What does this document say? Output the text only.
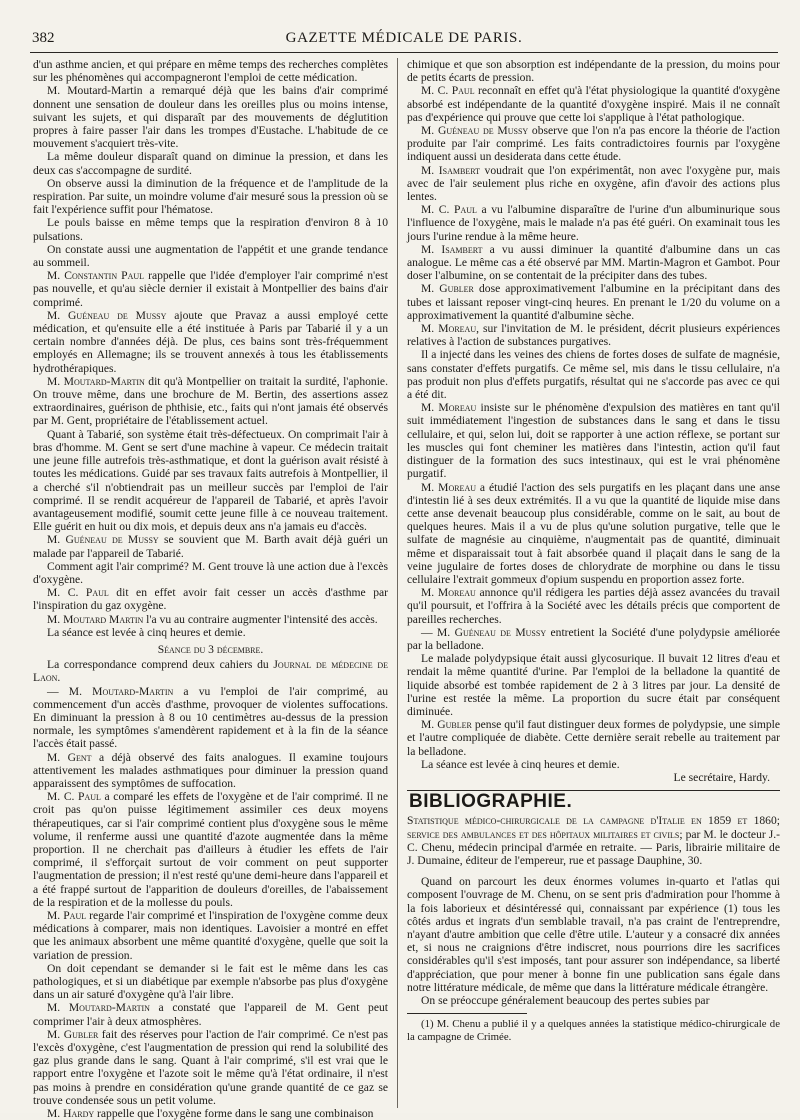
382	GAZETTE MÉDICALE DE PARIS.

d'un asthme ancien, et qui prépare en même temps des recherches complètes sur les phénomènes qui accompagneront l'emploi de cette médication.

M. Moutard-Martin a remarqué déjà que les bains d'air comprimé donnent une sensation de douleur dans les oreilles plus ou moins intense, suivant les sujets, et qui disparaît par des mouvements de déglutition propres à faire passer l'air dans les trompes d'Eustache. L'habitude de ce mouvement s'acquiert très-vite.

La même douleur disparaît quand on diminue la pression, et dans les deux cas s'accompagne de surdité.

On observe aussi la diminution de la fréquence et de l'amplitude de la respiration. Par suite, un moindre volume d'air mesuré sous la pression où se fait l'expérience suffit pour l'hématose.

Le pouls baisse en même temps que la respiration d'environ 8 à 10 pulsations.

On constate aussi une augmentation de l'appétit et une grande tendance au sommeil.

M. Constantin Paul rappelle que l'idée d'employer l'air comprimé n'est pas nouvelle, et qu'au siècle dernier il existait à Montpellier des bains d'air comprimé.

M. Guéneau de Mussy ajoute que Pravaz a aussi employé cette médication, et qu'ensuite elle a été instituée à Paris par Tabarié il y a un certain nombre d'années déjà. De plus, ces bains sont très-fréquemment employés en Allemagne; ils se trouvent annexés à tous les établissements hydrothérapiques.

M. Moutard-Martin dit qu'à Montpellier on traitait la surdité, l'aphonie. On trouve même, dans une brochure de M. Bertin, des assertions assez extraordinaires, guérison de phthisie, etc., faits qui n'ont jamais été observés par M. Gent, propriétaire de l'établissement actuel.

Quant à Tabarié, son système était très-défectueux. On comprimait l'air à bras d'homme. M. Gent se sert d'une machine à vapeur. Ce médecin traitait une jeune fille autrefois très-asthmatique, et dont la guérison avait résisté à toutes les médications. Guidé par ses travaux faits autrefois à Montpellier, il a cherché s'il n'obtiendrait pas un meilleur succès par l'emploi de l'air comprimé. Il se rendit acquéreur de l'appareil de Tabarié, et après l'avoir avantageusement modifié, soumit cette jeune fille à ce nouveau traitement. Elle guérit en huit ou dix mois, et depuis deux ans n'a jamais eu d'accès.

M. Guéneau de Mussy se souvient que M. Barth avait déjà guéri un malade par l'appareil de Tabarié.

Comment agit l'air comprimé? M. Gent trouve là une action due à l'excès d'oxygène.

M. C. Paul dit en effet avoir fait cesser un accès d'asthme par l'inspiration du gaz oxygène.

M. Moutard Martin l'a vu au contraire augmenter l'intensité des accès.

La séance est levée à cinq heures et demie.

Séance du 3 décembre.

La correspondance comprend deux cahiers du Journal de médecine de Laon.

— M. Moutard-Martin a vu l'emploi de l'air comprimé, au commencement d'un accès d'asthme, provoquer de violentes suffocations. En diminuant la pression à 8 ou 10 centimètres au-dessus de la pression normale, les symptômes s'amendèrent rapidement et à la fin de la séance l'accès était passé.

M. Gent a déjà observé des faits analogues. Il examine toujours attentivement les malades asthmatiques pour diminuer la pression quand apparaissent des symptômes de suffocation.

M. C. Paul a comparé les effets de l'oxygène et de l'air comprimé. Il ne croit pas qu'on puisse légitimement assimiler ces deux moyens thérapeutiques, car si l'air comprimé contient plus d'oxygène sous le même volume, il renferme aussi une quantité d'azote augmentée dans la même proportion. Il ne cherchait pas d'ailleurs à étudier les effets de l'air comprimé, il s'efforçait surtout de voir comment on peut supporter l'augmentation de pression; il n'est resté qu'une demi-heure dans l'appareil et a été frappé surtout de l'apparition de douleurs d'oreilles, de l'abaissement de la respiration et de la mollesse du pouls.

M. Paul regarde l'air comprimé et l'inspiration de l'oxygène comme deux médications à comparer, mais non identiques. Lavoisier a montré en effet que les animaux absorbent une même quantité d'oxygène, quelle que soit la variation de pression.

On doit cependant se demander si le fait est le même dans les cas pathologiques, et si un diabétique par exemple n'absorbe pas plus d'oxygène dans un air saturé d'oxygène qu'à l'air libre.

M. Moutard-Martin a constaté que l'appareil de M. Gent peut comprimer l'air à deux atmosphères.

M. Gubler fait des réserves pour l'action de l'air comprimé. Ce n'est pas l'excès d'oxygène, c'est l'augmentation de pression qui rend la solubilité des gaz plus grande dans le sang. Quant à l'air comprimé, s'il est vrai que le rapport entre l'oxygène et l'azote soit le même qu'à l'état ordinaire, il n'est pas moins à prendre en considération qu'une grande quantité de ce gaz se trouve condensée sous un petit volume.

M. Hardy rappelle que l'oxygène forme dans le sang une combinaison

chimique et que son absorption est indépendante de la pression, du moins pour de petits écarts de pression.

M. C. Paul reconnaît en effet qu'à l'état physiologique la quantité d'oxygène absorbé est indépendante de la quantité d'oxygène inspiré. Mais il ne connaît pas d'expérience qui prouve que cette loi s'applique à l'état pathologique.

M. Guéneau de Mussy observe que l'on n'a pas encore la théorie de l'action produite par l'air comprimé. Les faits contradictoires fournis par l'oxygène indiquent aussi un desiderata dans cette étude.

M. Isambert voudrait que l'on expérimentât, non avec l'oxygène pur, mais avec de l'air seulement plus riche en oxygène, afin d'avoir des actions plus lentes.

M. C. Paul a vu l'albumine disparaître de l'urine d'un albuminurique sous l'influence de l'oxygène, mais le malade n'a pas été guéri. On examinait tous les jours l'urine rendue à la même heure.

M. Isambert a vu aussi diminuer la quantité d'albumine dans un cas analogue. Le même cas a été observé par MM. Martin-Magron et Gambot. Pour doser l'albumine, on se contentait de la précipiter dans des tubes.

M. Gubler dose approximativement l'albumine en la précipitant dans des tubes et laissant reposer vingt-cinq heures. En prenant le 1/20 du volume on a approximativement la quantité d'albumine sèche.

M. Moreau, sur l'invitation de M. le président, décrit plusieurs expériences relatives à l'action de substances purgatives.

Il a injecté dans les veines des chiens de fortes doses de sulfate de magnésie, sans constater d'effets purgatifs. Ce même sel, mis dans le tissu cellulaire, n'a pas produit non plus d'effets purgatifs, résultat qui ne s'accorde pas avec ce qui a été dit.

M. Moreau insiste sur le phénomène d'expulsion des matières en tant qu'il suit immédiatement l'ingestion de substances dans le sang et dans le tissu cellulaire, et qui, selon lui, doit se rapporter à une action réflexe, se portant sur les muscles qui font cheminer les matières dans l'intestin, action qu'il faut distinguer de la formation des sucs intestinaux, qui est le vrai phénomène purgatif.

M. Moreau a étudié l'action des sels purgatifs en les plaçant dans une anse d'intestin lié à ses deux extrémités. Il a vu que la quantité de liquide mise dans cette anse devenait beaucoup plus considérable, comme on le sait, au bout de quelques heures. Mais il a vu de plus qu'une solution purgative, telle que le sulfate de magnésie au cinquième, n'augmentait pas de quantité, diminuait même et disparaissait tout à fait absorbée quand il plaçait dans le sang de la veine jugulaire de fortes doses de chlorydrate de morphine ou dans le tissu cellulaire l'extrait gommeux d'opium suspendu en proportion assez forte.

M. Moreau annonce qu'il rédigera les parties déjà assez avancées du travail qu'il poursuit, et l'offrira à la Société avec les détails précis que comportent de pareilles recherches.

— M. Guéneau de Mussy entretient la Société d'une polydypsie améliorée par la belladone.

Le malade polydypsique était aussi glycosurique. Il buvait 12 litres d'eau et rendait la même quantité d'urine. Par l'emploi de la belladone la quantité de liquide absorbé est tombée rapidement de 2 à 3 litres par jour. La densité de l'urine est restée la même. La proportion du sucre était par conséquent diminuée.

M. Gubler pense qu'il faut distinguer deux formes de polydypsie, une simple et l'autre compliquée de diabète. Cette dernière serait rebelle au traitement par la belladone.

La séance est levée à cinq heures et demie.

Le secrétaire, Hardy.

BIBLIOGRAPHIE.

Statistique médico-chirurgicale de la campagne d'Italie en 1859 et 1860; service des ambulances et des hôpitaux militaires et civils; par M. le docteur J.-C. Chenu, médecin principal d'armée en retraite. — Paris, librairie militaire de J. Dumaine, éditeur de l'empereur, rue et passage Dauphine, 30.

Quand on parcourt les deux énormes volumes in-quarto et l'atlas qui composent l'ouvrage de M. Chenu, on se sent pris d'admiration pour l'homme à la fois laborieux et désintéressé qui, connaissant par expérience (1) tous les côtés ardus et ingrats d'un semblable travail, n'a pas craint de l'entreprendre, n'ayant d'autre ambition que celle d'être utile. L'auteur y a consacré dix années et, si nous ne craignions d'être indiscret, nous pourrions dire les sacrifices considérables qu'il s'est imposés, tant pour assurer son indépendance, sa liberté d'appréciation, que pour mener à bonne fin une publication sans égale dans notre littérature médicale, de même que dans la littérature médicale étrangère.

On se préoccupe généralement beaucoup des pertes subies par

(1) M. Chenu a publié il y a quelques années la statistique médico-chirurgicale de la campagne de Crimée.
